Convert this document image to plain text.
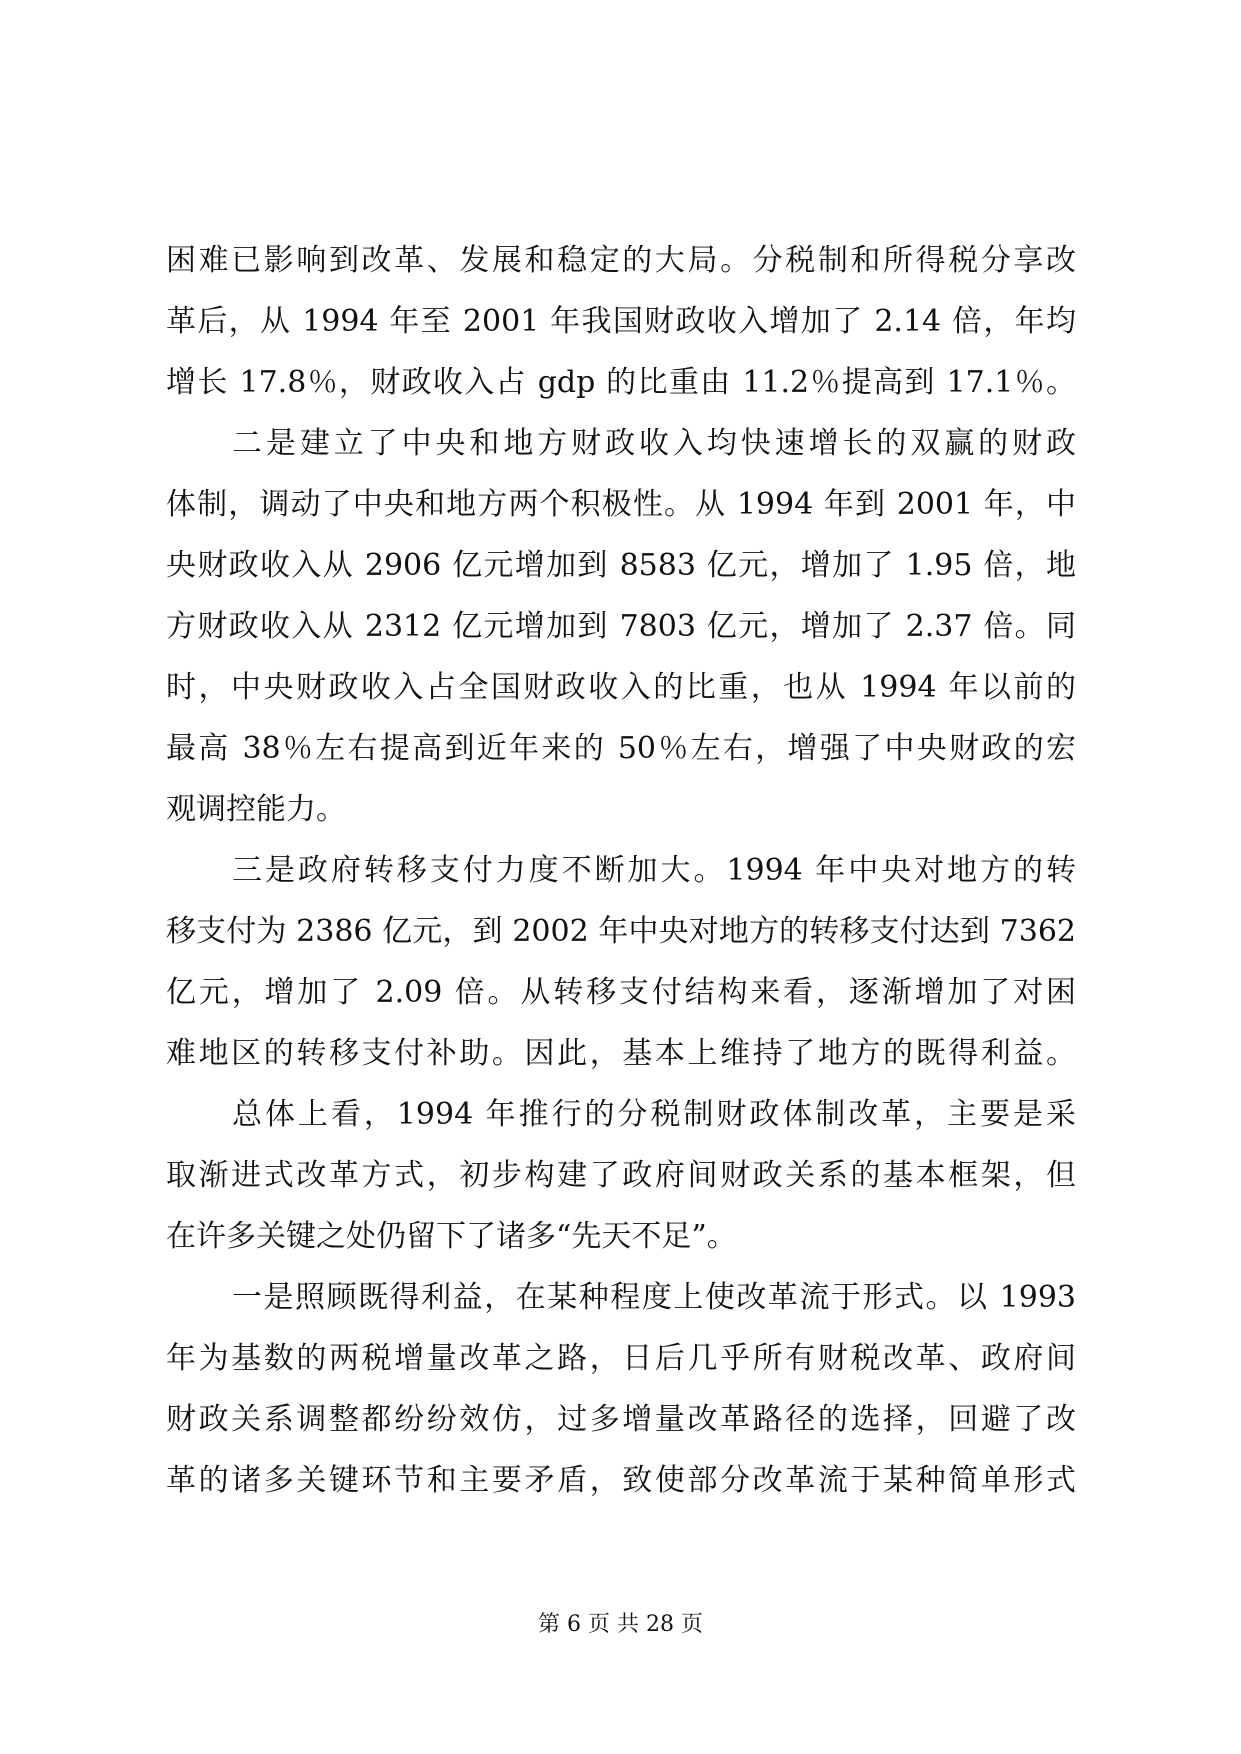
困难已影响到改革、发展和稳定的大局。分税制和所得税分享改
革后，从 1994 年至 2001 年我国财政收入增加了 2.14 倍，年均
增长 17.8％，财政收入占 gdp 的比重由 11.2％提高到 17.1％。
二是建立了中央和地方财政收入均快速增长的双赢的财政
体制，调动了中央和地方两个积极性。从 1994 年到 2001 年，中
央财政收入从 2906 亿元增加到 8583 亿元，增加了 1.95 倍，地
方财政收入从 2312 亿元增加到 7803 亿元，增加了 2.37 倍。同
时，中央财政收入占全国财政收入的比重，也从 1994 年以前的
最高 38％左右提高到近年来的 50％左右，增强了中央财政的宏
观调控能力。
三是政府转移支付力度不断加大。1994 年中央对地方的转
移支付为 2386 亿元，到 2002 年中央对地方的转移支付达到 7362
亿元，增加了 2.09 倍。从转移支付结构来看，逐渐增加了对困
难地区的转移支付补助。因此，基本上维持了地方的既得利益。
总体上看，1994 年推行的分税制财政体制改革，主要是采
取渐进式改革方式，初步构建了政府间财政关系的基本框架，但
在许多关键之处仍留下了诸多“先天不足”。
一是照顾既得利益，在某种程度上使改革流于形式。以 1993
年为基数的两税增量改革之路，日后几乎所有财税改革、政府间
财政关系调整都纷纷效仿，过多增量改革路径的选择，回避了改
革的诸多关键环节和主要矛盾，致使部分改革流于某种简单形式
第 6 页 共 28 页
